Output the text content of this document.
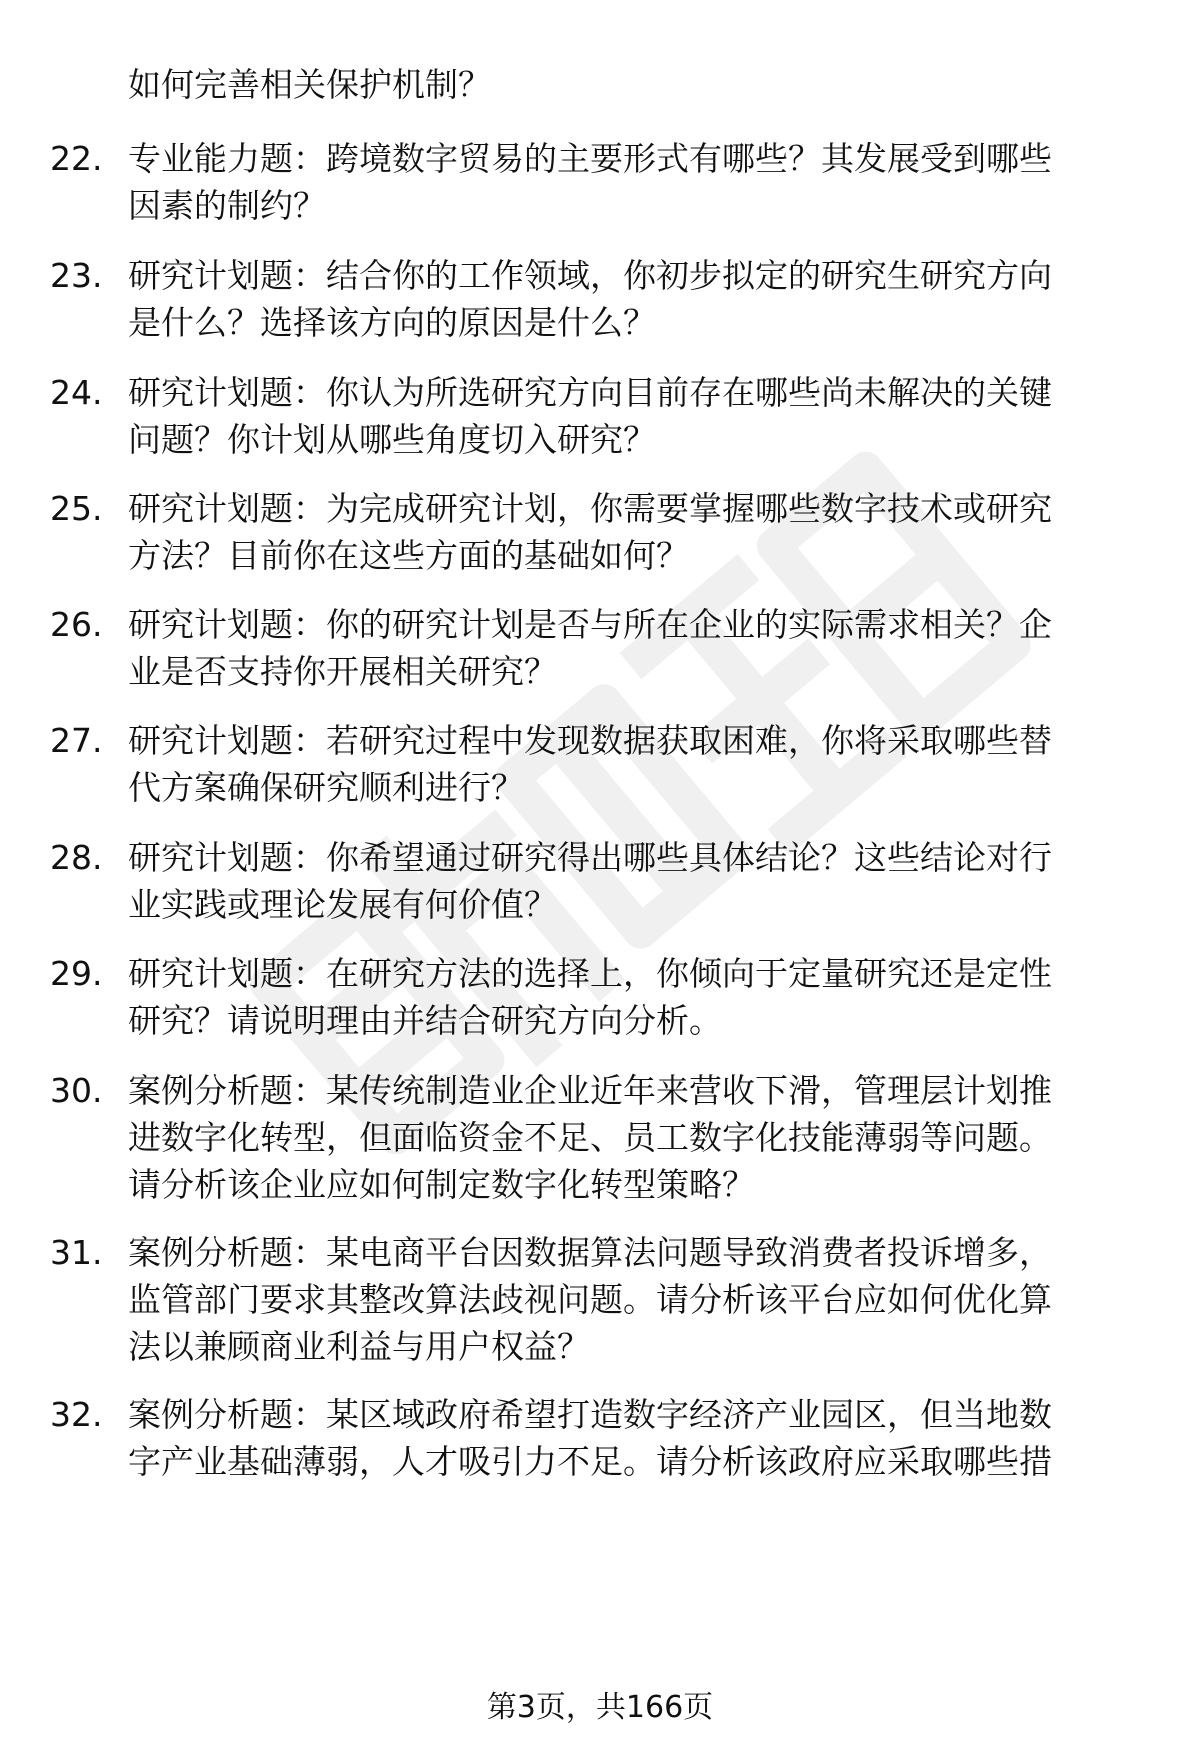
如何完善相关保护机制？
22. 专业能力题：跨境数字贸易的主要形式有哪些？其发展受到哪些
因素的制约？
23. 研究计划题：结合你的工作领域，你初步拟定的研究生研究方向
是什么？选择该方向的原因是什么？
24. 研究计划题：你认为所选研究方向目前存在哪些尚未解决的关键
问题？你计划从哪些角度切入研究？
25. 研究计划题：为完成研究计划，你需要掌握哪些数字技术或研究
方法？目前你在这些方面的基础如何？
26. 研究计划题：你的研究计划是否与所在企业的实际需求相关？企
业是否支持你开展相关研究？
27. 研究计划题：若研究过程中发现数据获取困难，你将采取哪些替
代方案确保研究顺利进行？
28. 研究计划题：你希望通过研究得出哪些具体结论？这些结论对行
业实践或理论发展有何价值？
29. 研究计划题：在研究方法的选择上，你倾向于定量研究还是定性
研究？请说明理由并结合研究方向分析。
30. 案例分析题：某传统制造业企业近年来营收下滑，管理层计划推
进数字化转型，但面临资金不足、员工数字化技能薄弱等问题。
请分析该企业应如何制定数字化转型策略？
31. 案例分析题：某电商平台因数据算法问题导致消费者投诉增多，
监管部门要求其整改算法歧视问题。请分析该平台应如何优化算
法以兼顾商业利益与用户权益？
32. 案例分析题：某区域政府希望打造数字经济产业园区，但当地数
字产业基础薄弱，人才吸引力不足。请分析该政府应采取哪些措
第3页，共166页
